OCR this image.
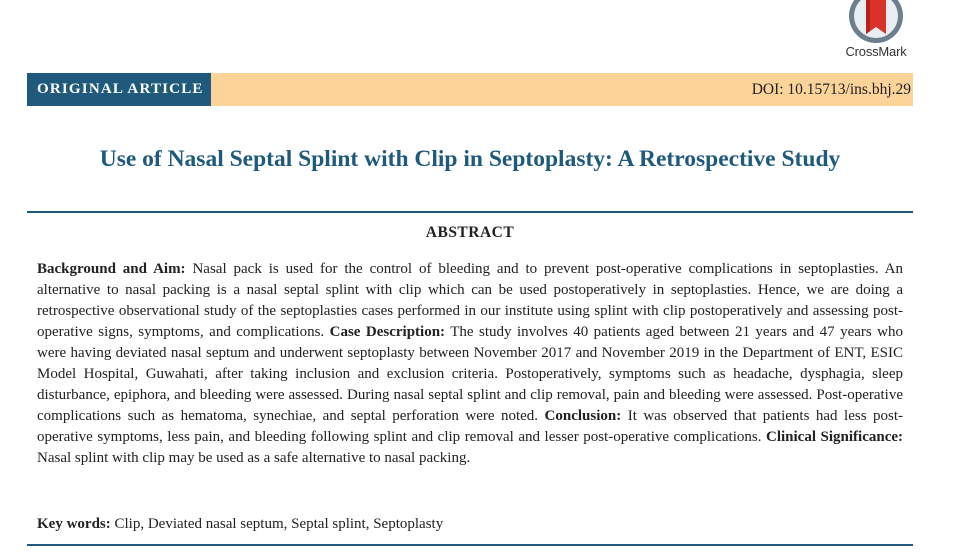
CrossMark
ORIGINAL ARTICLE	DOI: 10.15713/ins.bhj.29
Use of Nasal Septal Splint with Clip in Septoplasty: A Retrospective Study
ABSTRACT

Background and Aim: Nasal pack is used for the control of bleeding and to prevent post-operative complications in septoplasties. An alternative to nasal packing is a nasal septal splint with clip which can be used postoperatively in septoplasties. Hence, we are doing a retrospective observational study of the septoplasties cases performed in our institute using splint with clip postoperatively and assessing post-operative signs, symptoms, and complications. Case Description: The study involves 40 patients aged between 21 years and 47 years who were having deviated nasal septum and underwent septoplasty between November 2017 and November 2019 in the Department of ENT, ESIC Model Hospital, Guwahati, after taking inclusion and exclusion criteria. Postoperatively, symptoms such as headache, dysphagia, sleep disturbance, epiphora, and bleeding were assessed. During nasal septal splint and clip removal, pain and bleeding were assessed. Post-operative complications such as hematoma, synechiae, and septal perforation were noted. Conclusion: It was observed that patients had less post-operative symptoms, less pain, and bleeding following splint and clip removal and lesser post-operative complications. Clinical Significance: Nasal splint with clip may be used as a safe alternative to nasal packing.

Key words: Clip, Deviated nasal septum, Septal splint, Septoplasty
